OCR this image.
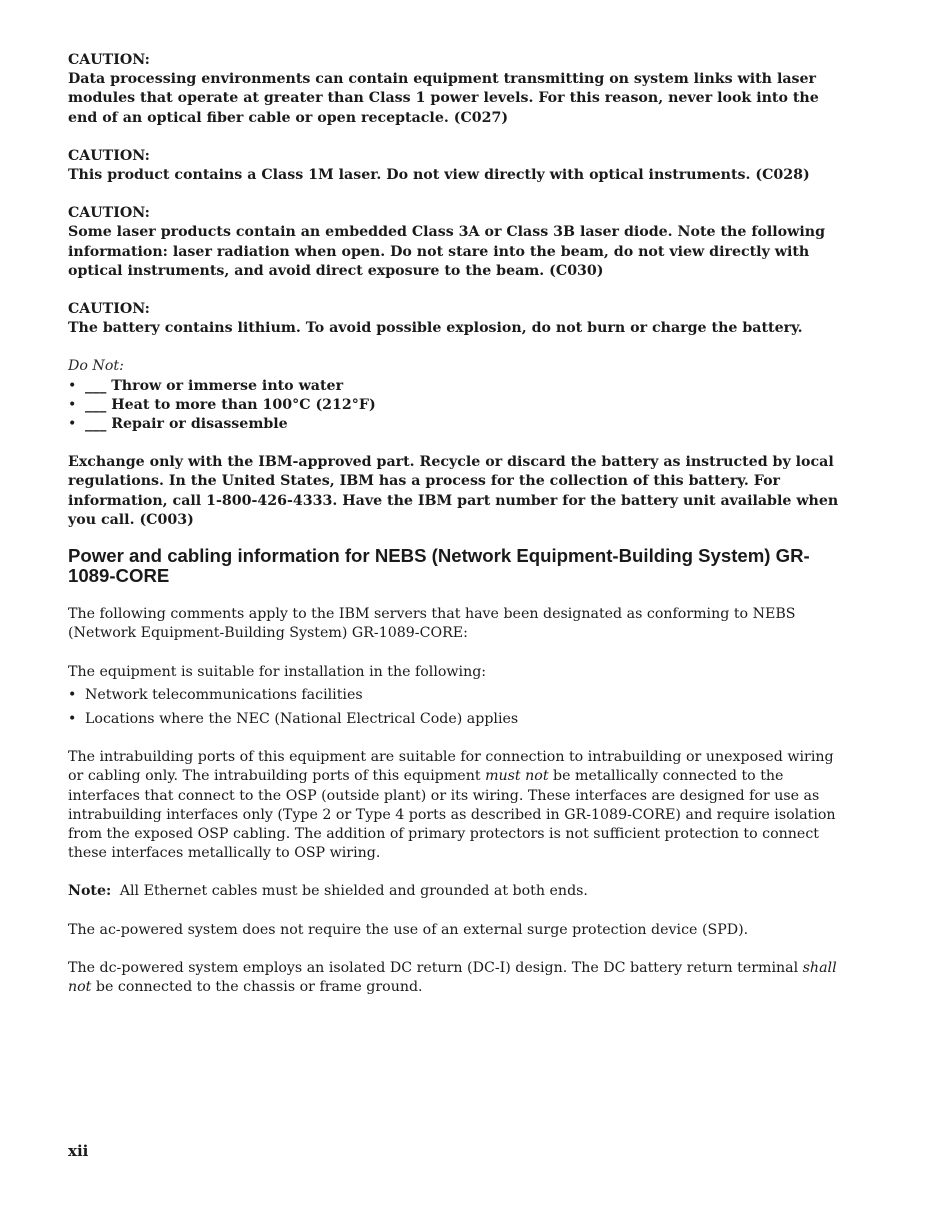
CAUTION:
Data processing environments can contain equipment transmitting on system links with laser modules that operate at greater than Class 1 power levels. For this reason, never look into the end of an optical fiber cable or open receptacle. (C027)
CAUTION:
This product contains a Class 1M laser. Do not view directly with optical instruments. (C028)
CAUTION:
Some laser products contain an embedded Class 3A or Class 3B laser diode. Note the following information: laser radiation when open. Do not stare into the beam, do not view directly with optical instruments, and avoid direct exposure to the beam. (C030)
CAUTION:
The battery contains lithium. To avoid possible explosion, do not burn or charge the battery.
Do Not:
• ___ Throw or immerse into water
• ___ Heat to more than 100°C (212°F)
• ___ Repair or disassemble
Exchange only with the IBM-approved part. Recycle or discard the battery as instructed by local regulations. In the United States, IBM has a process for the collection of this battery. For information, call 1-800-426-4333. Have the IBM part number for the battery unit available when you call. (C003)
Power and cabling information for NEBS (Network Equipment-Building System) GR-1089-CORE

The following comments apply to the IBM servers that have been designated as conforming to NEBS (Network Equipment-Building System) GR-1089-CORE:

The equipment is suitable for installation in the following:

• Network telecommunications facilities
• Locations where the NEC (National Electrical Code) applies

The intrabuilding ports of this equipment are suitable for connection to intrabuilding or unexposed wiring or cabling only. The intrabuilding ports of this equipment must not be metallically connected to the interfaces that connect to the OSP (outside plant) or its wiring. These interfaces are designed for use as intrabuilding interfaces only (Type 2 or Type 4 ports as described in GR-1089-CORE) and require isolation from the exposed OSP cabling. The addition of primary protectors is not sufficient protection to connect these interfaces metallically to OSP wiring.

Note: All Ethernet cables must be shielded and grounded at both ends.

The ac-powered system does not require the use of an external surge protection device (SPD).

The dc-powered system employs an isolated DC return (DC-I) design. The DC battery return terminal shall not be connected to the chassis or frame ground.

xii
